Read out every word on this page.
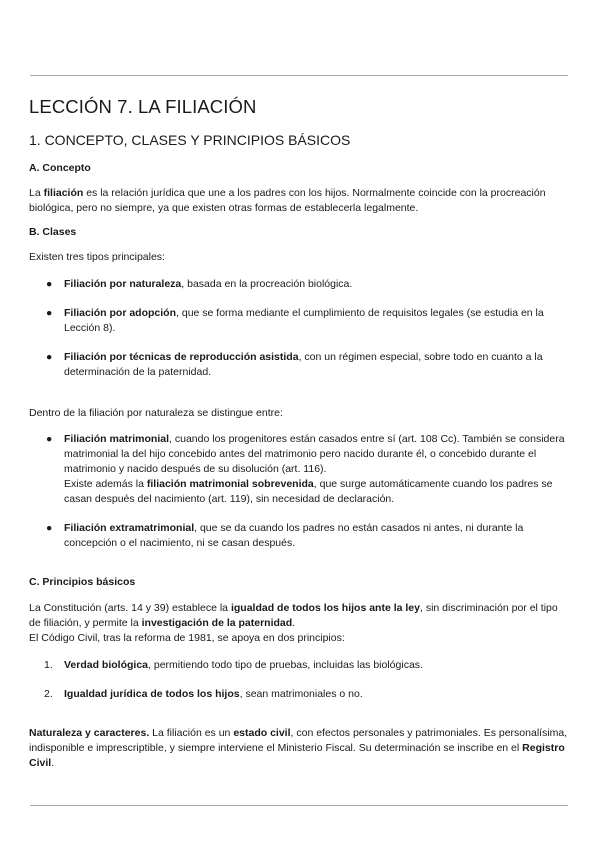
LECCIÓN 7. LA FILIACIÓN
1. CONCEPTO, CLASES Y PRINCIPIOS BÁSICOS
A. Concepto

La filiación es la relación jurídica que une a los padres con los hijos. Normalmente coincide con la procreación biológica, pero no siempre, ya que existen otras formas de establecerla legalmente.

B. Clases

Existen tres tipos principales:

● Filiación por naturaleza, basada en la procreación biológica.
● Filiación por adopción, que se forma mediante el cumplimiento de requisitos legales (se estudia en la Lección 8).
● Filiación por técnicas de reproducción asistida, con un régimen especial, sobre todo en cuanto a la determinación de la paternidad.

Dentro de la filiación por naturaleza se distingue entre:

● Filiación matrimonial, cuando los progenitores están casados entre sí (art. 108 Cc). También se considera matrimonial la del hijo concebido antes del matrimonio pero nacido durante él, o concebido durante el matrimonio y nacido después de su disolución (art. 116).
Existe además la filiación matrimonial sobrevenida, que surge automáticamente cuando los padres se casan después del nacimiento (art. 119), sin necesidad de declaración.
● Filiación extramatrimonial, que se da cuando los padres no están casados ni antes, ni durante la concepción o el nacimiento, ni se casan después.
C. Principios básicos

La Constitución (arts. 14 y 39) establece la igualdad de todos los hijos ante la ley, sin discriminación por el tipo de filiación, y permite la investigación de la paternidad.
El Código Civil, tras la reforma de 1981, se apoya en dos principios:

1. Verdad biológica, permitiendo todo tipo de pruebas, incluidas las biológicas.
2. Igualdad jurídica de todos los hijos, sean matrimoniales o no.

Naturaleza y caracteres. La filiación es un estado civil, con efectos personales y patrimoniales. Es personalísima, indisponible e imprescriptible, y siempre interviene el Ministerio Fiscal. Su determinación se inscribe en el Registro Civil.
